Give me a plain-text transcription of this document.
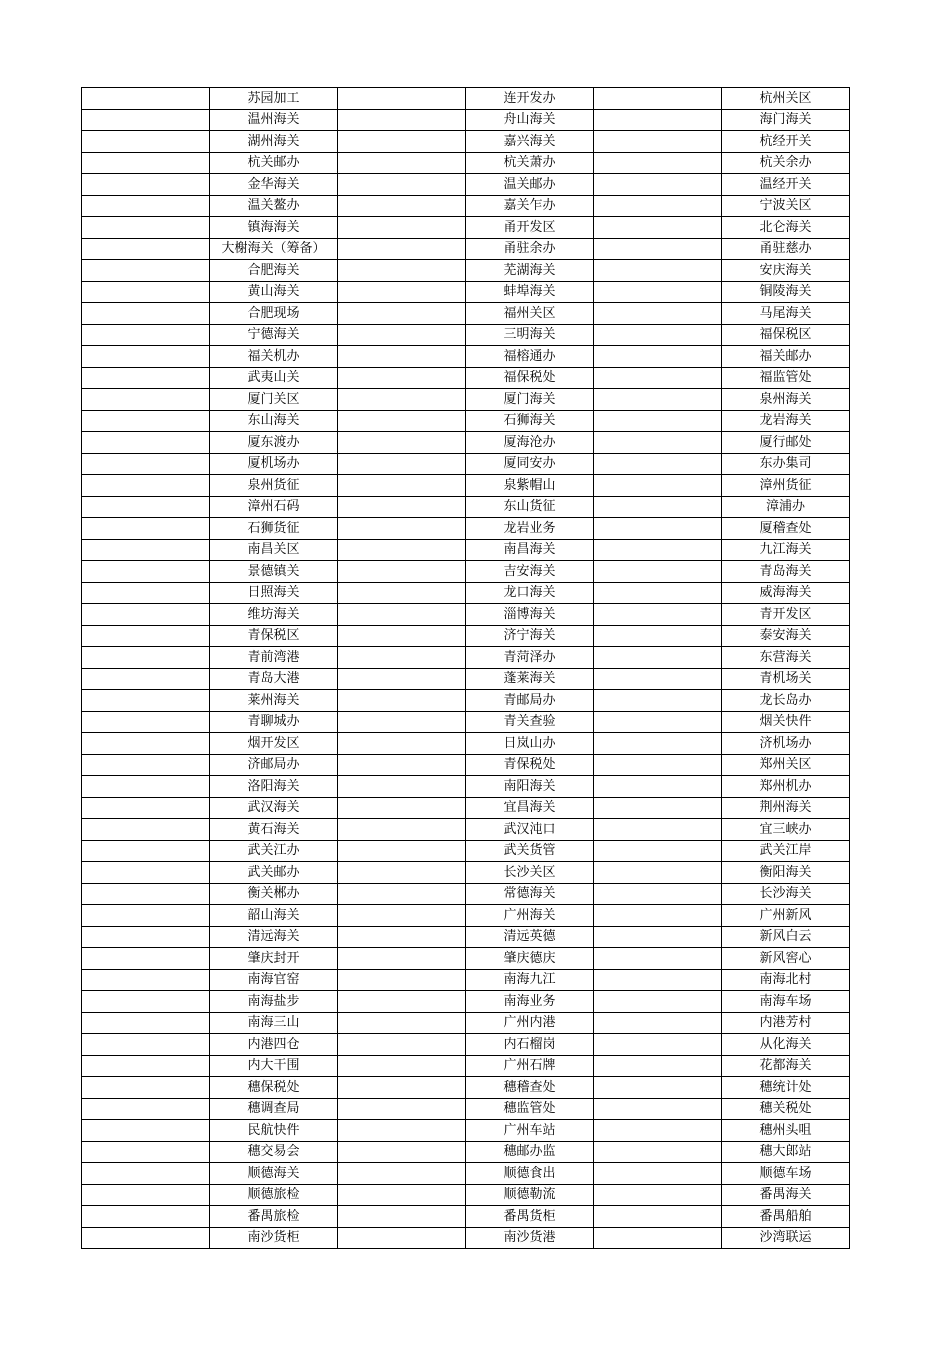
	苏园加工		连开发办		杭州关区
	温州海关		舟山海关		海门海关
	湖州海关		嘉兴海关		杭经开关
	杭关邮办		杭关萧办		杭关余办
	金华海关		温关邮办		温经开关
	温关鳌办		嘉关乍办		宁波关区
	镇海海关		甬开发区		北仑海关
	大榭海关（筹备）		甬驻余办		甬驻慈办
	合肥海关		芜湖海关		安庆海关
	黄山海关		蚌埠海关		铜陵海关
	合肥现场		福州关区		马尾海关
	宁德海关		三明海关		福保税区
	福关机办		福榕通办		福关邮办
	武夷山关		福保税处		福监管处
	厦门关区		厦门海关		泉州海关
	东山海关		石狮海关		龙岩海关
	厦东渡办		厦海沧办		厦行邮处
	厦机场办		厦同安办		东办集司
	泉州货征		泉紫帽山		漳州货征
	漳州石码		东山货征		漳浦办
	石狮货征		龙岩业务		厦稽查处
	南昌关区		南昌海关		九江海关
	景德镇关		吉安海关		青岛海关
	日照海关		龙口海关		威海海关
	维坊海关		淄博海关		青开发区
	青保税区		济宁海关		泰安海关
	青前湾港		青菏泽办		东营海关
	青岛大港		蓬莱海关		青机场关
	莱州海关		青邮局办		龙长岛办
	青聊城办		青关查验		烟关快件
	烟开发区		日岚山办		济机场办
	济邮局办		青保税处		郑州关区
	洛阳海关		南阳海关		郑州机办
	武汉海关		宜昌海关		荆州海关
	黄石海关		武汉沌口		宜三峡办
	武关江办		武关货管		武关江岸
	武关邮办		长沙关区		衡阳海关
	衡关郴办		常德海关		长沙海关
	韶山海关		广州海关		广州新风
	清远海关		清远英德		新风白云
	肇庆封开		肇庆德庆		新风窖心
	南海官窑		南海九江		南海北村
	南海盐步		南海业务		南海车场
	南海三山		广州内港		内港芳村
	内港四仓		内石榴岗		从化海关
	内大干围		广州石牌		花都海关
	穗保税处		穗稽查处		穗统计处
	穗调查局		穗监管处		穗关税处
	民航快件		广州车站		穗州头咀
	穗交易会		穗邮办监		穗大郎站
	顺德海关		顺德食出		顺德车场
	顺德旅检		顺德勒流		番禺海关
	番禺旅检		番禺货柜		番禺船舶
	南沙货柜		南沙货港		沙湾联运
